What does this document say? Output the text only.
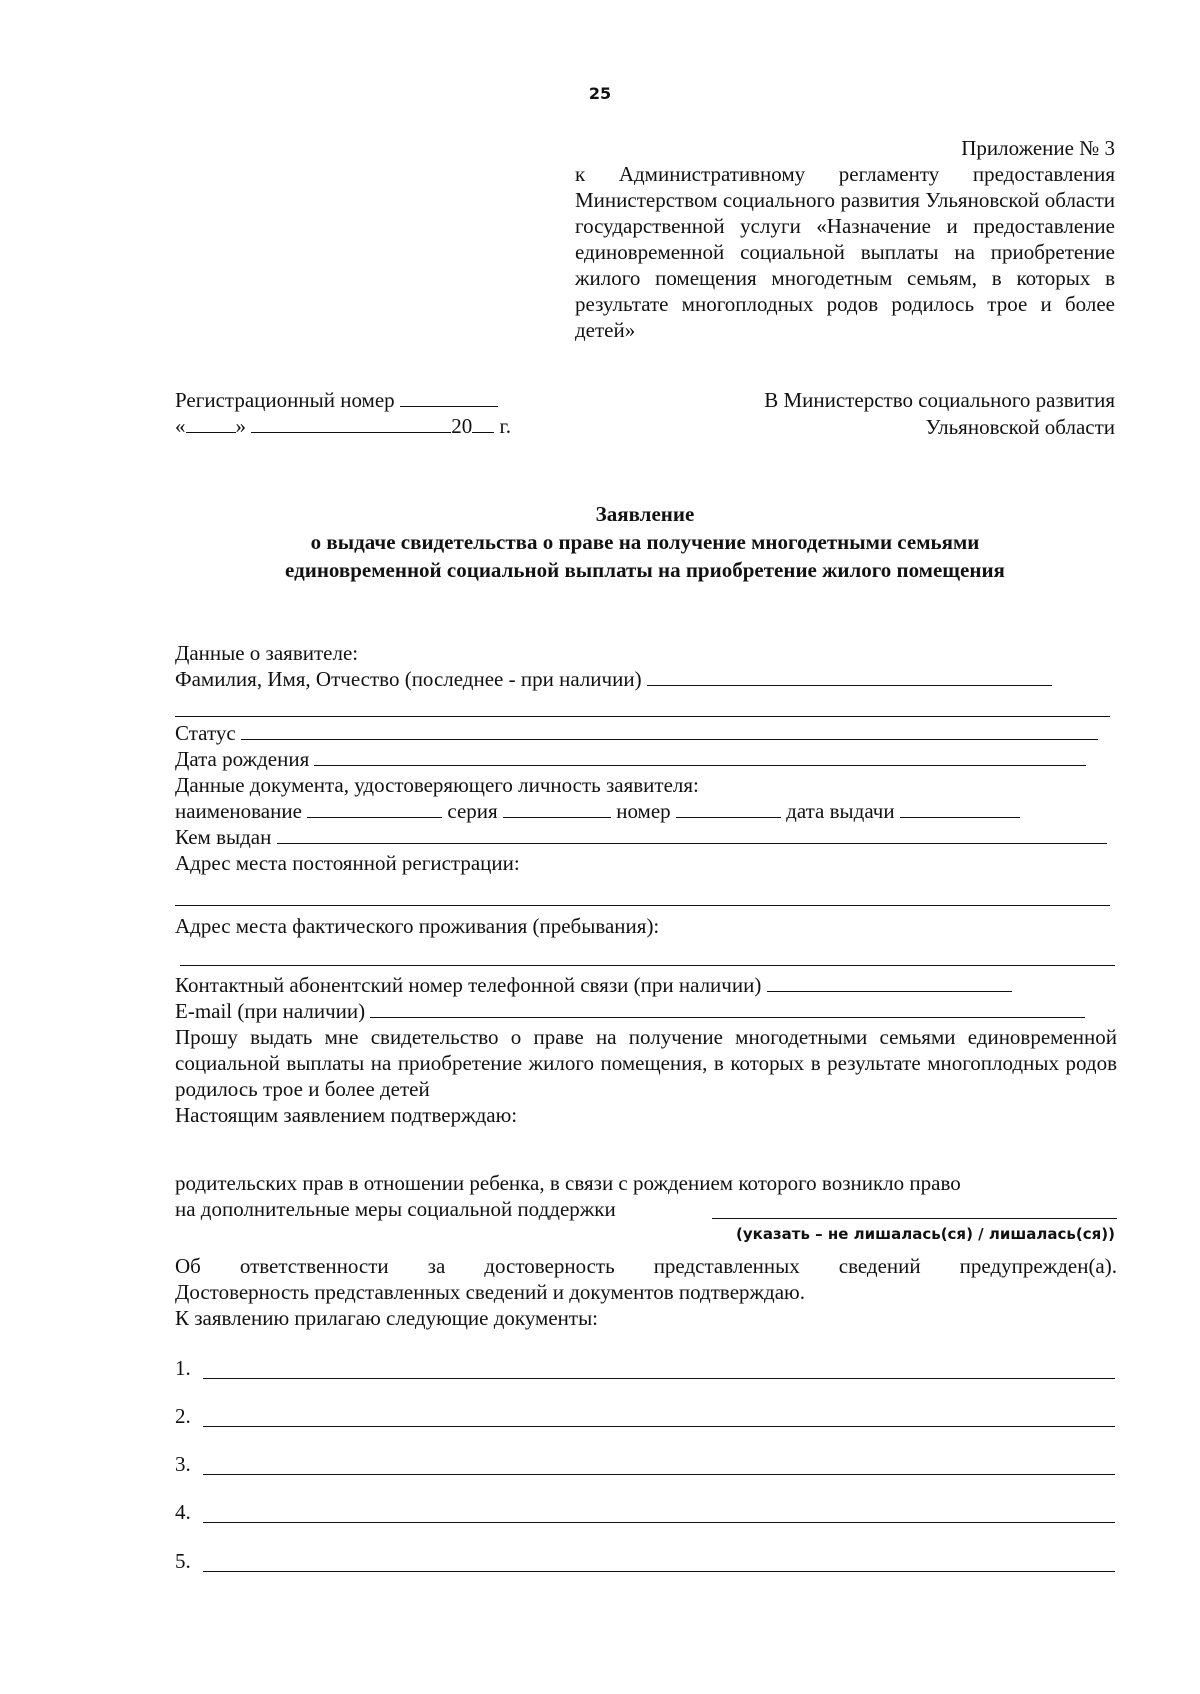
25
Приложение № 3
к Административному регламенту предоставления Министерством социального развития Ульяновской области государственной услуги «Назначение и предоставление единовременной социальной выплаты на приобретение жилого помещения многодетным семьям, в которых в результате многоплодных родов родилось трое и более детей»
Регистрационный номер
« »	20 г.
В Министерство социального развития
Ульяновской области
Заявление
о выдаче свидетельства о праве на получение многодетными семьями
единовременной социальной выплаты на приобретение жилого помещения
Данные о заявителе:
Фамилия, Имя, Отчество (последнее - при наличии)
Статус
Дата рождения
Данные документа, удостоверяющего личность заявителя:
наименование	серия	номер	дата выдачи
Кем выдан
Адрес места постоянной регистрации:
Адрес места фактического проживания (пребывания):
Контактный абонентский номер телефонной связи (при наличии)
E-mail (при наличии)
Прошу выдать мне свидетельство о праве на получение многодетными семьями единовременной социальной выплаты на приобретение жилого помещения, в которых в результате многоплодных родов родилось трое и более детей
Настоящим заявлением подтверждаю:
родительских прав в отношении ребенка, в связи с рождением которого возникло право
на дополнительные меры социальной поддержки
(указать – не лишалась(ся) / лишалась(ся))
Об ответственности за достоверность представленных сведений предупрежден(а).
Достоверность представленных сведений и документов подтверждаю.
К заявлению прилагаю следующие документы:
1.
2.
3.
4.
5.
